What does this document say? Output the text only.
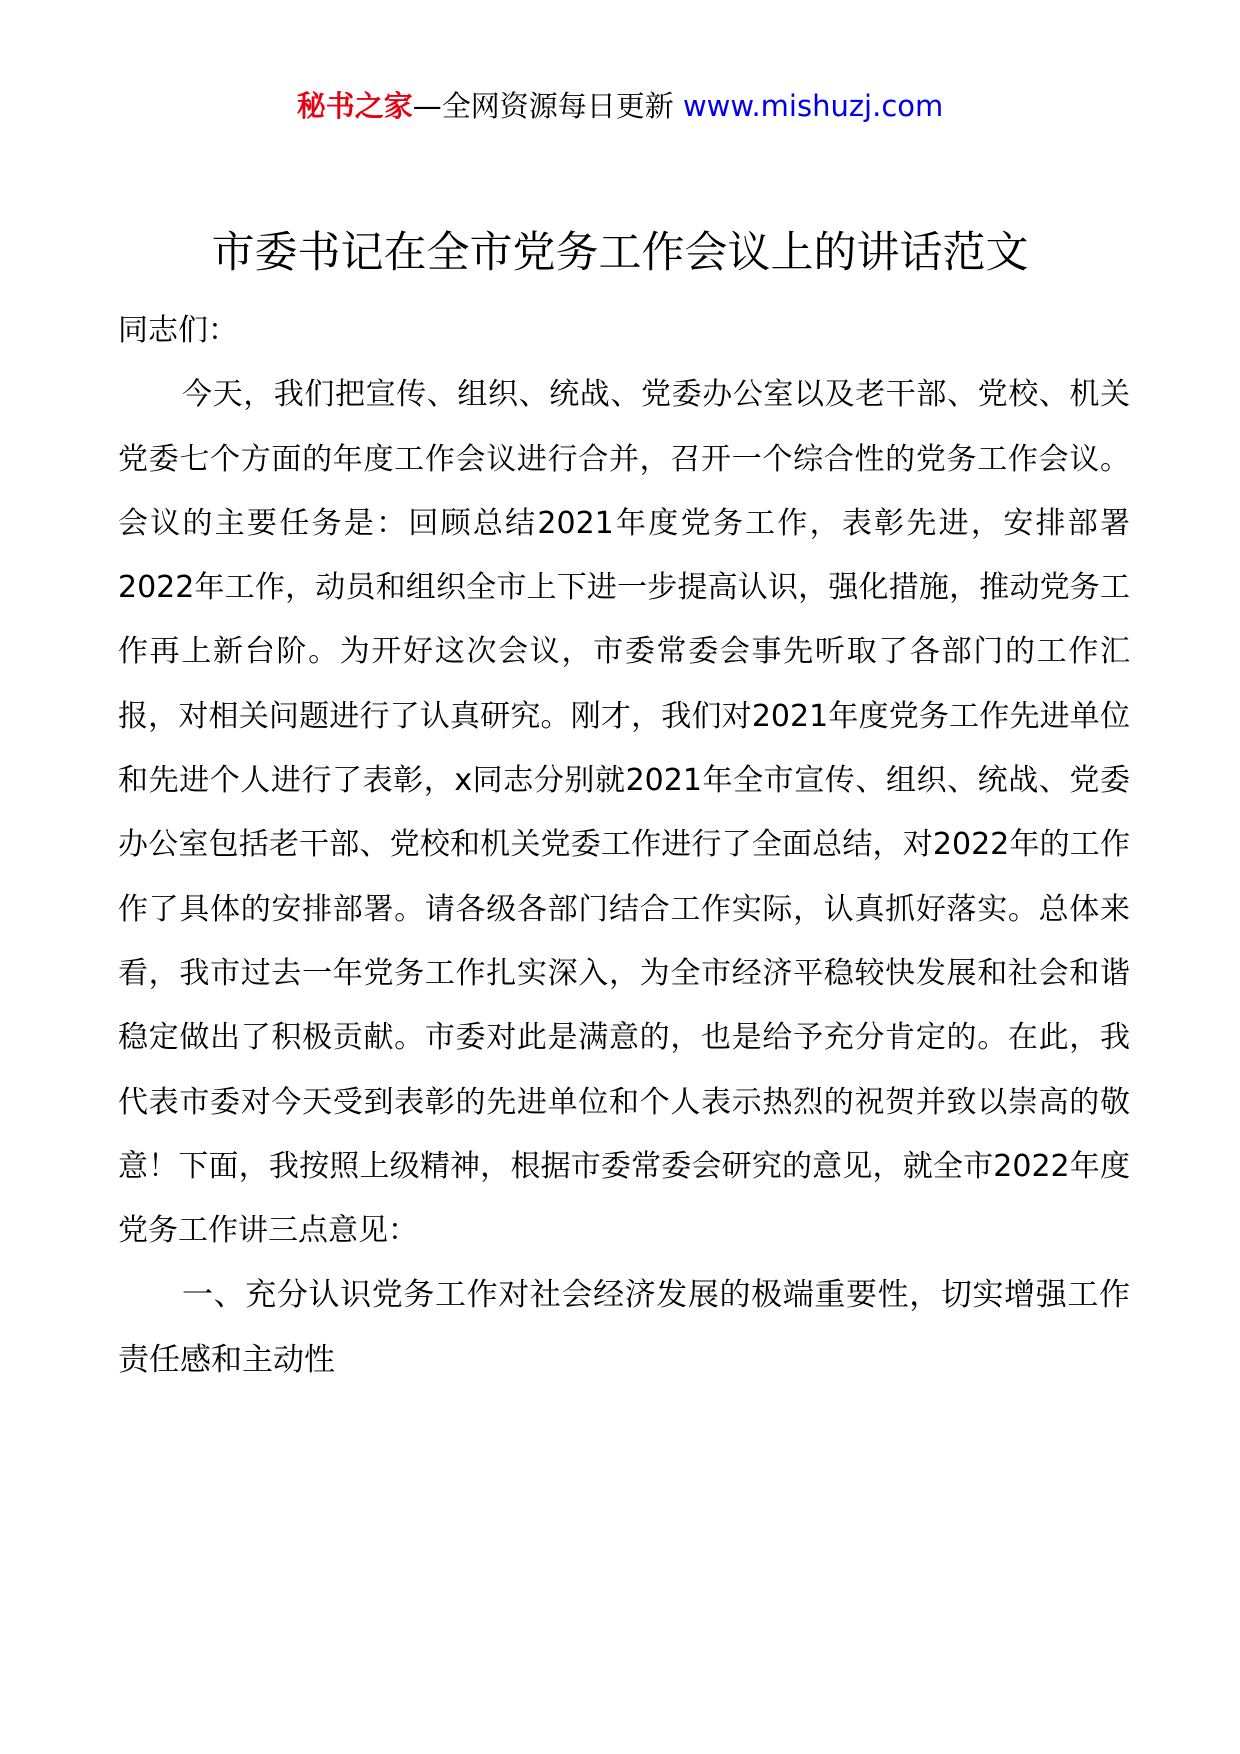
秘书之家—全网资源每日更新 www.mishuzj.com
市委书记在全市党务工作会议上的讲话范文

同志们：

今天，我们把宣传、组织、统战、党委办公室以及老干部、党校、机关党委七个方面的年度工作会议进行合并，召开一个综合性的党务工作会议。会议的主要任务是：回顾总结2021年度党务工作，表彰先进，安排部署2022年工作，动员和组织全市上下进一步提高认识，强化措施，推动党务工作再上新台阶。为开好这次会议，市委常委会事先听取了各部门的工作汇报，对相关问题进行了认真研究。刚才，我们对2021年度党务工作先进单位和先进个人进行了表彰，x同志分别就2021年全市宣传、组织、统战、党委办公室包括老干部、党校和机关党委工作进行了全面总结，对2022年的工作作了具体的安排部署。请各级各部门结合工作实际，认真抓好落实。总体来看，我市过去一年党务工作扎实深入，为全市经济平稳较快发展和社会和谐稳定做出了积极贡献。市委对此是满意的，也是给予充分肯定的。在此，我代表市委对今天受到表彰的先进单位和个人表示热烈的祝贺并致以崇高的敬意！下面，我按照上级精神，根据市委常委会研究的意见，就全市2022年度党务工作讲三点意见：

一、充分认识党务工作对社会经济发展的极端重要性，切实增强工作责任感和主动性
